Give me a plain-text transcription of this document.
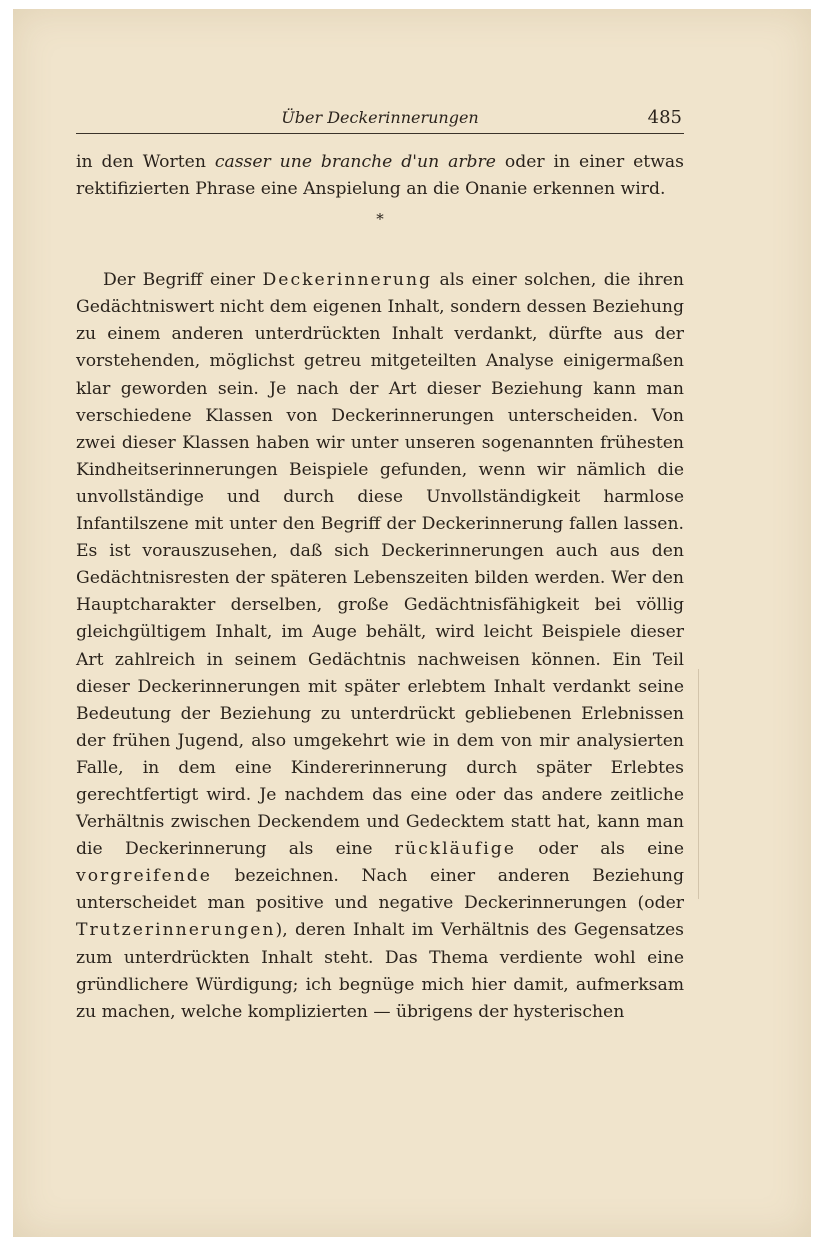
Über Deckerinnerungen	485

in den Worten casser une branche d'un arbre oder in einer etwas rektifizierten Phrase eine Anspielung an die Onanie erkennen wird.

*

Der Begriff einer Deckerinnerung als einer solchen, die ihren Gedächtniswert nicht dem eigenen Inhalt, sondern dessen Beziehung zu einem anderen unterdrückten Inhalt verdankt, dürfte aus der vorstehenden, möglichst getreu mitgeteilten Analyse einigermaßen klar geworden sein. Je nach der Art dieser Beziehung kann man verschiedene Klassen von Deckerinnerungen unterscheiden. Von zwei dieser Klassen haben wir unter unseren sogenannten frühesten Kindheitserinnerungen Beispiele gefunden, wenn wir nämlich die unvollständige und durch diese Unvollständigkeit harmlose Infantilszene mit unter den Begriff der Deckerinnerung fallen lassen. Es ist vorauszusehen, daß sich Deckerinnerungen auch aus den Gedächtnisresten der späteren Lebenszeiten bilden werden. Wer den Hauptcharakter derselben, große Gedächtnisfähigkeit bei völlig gleichgültigem Inhalt, im Auge behält, wird leicht Beispiele dieser Art zahlreich in seinem Gedächtnis nachweisen können. Ein Teil dieser Deckerinnerungen mit später erlebtem Inhalt verdankt seine Bedeutung der Beziehung zu unterdrückt gebliebenen Erlebnissen der frühen Jugend, also umgekehrt wie in dem von mir analysierten Falle, in dem eine Kindererinnerung durch später Erlebtes gerechtfertigt wird. Je nachdem das eine oder das andere zeitliche Verhältnis zwischen Deckendem und Gedecktem statt hat, kann man die Deckerinnerung als eine rückläufige oder als eine vorgreifende bezeichnen. Nach einer anderen Beziehung unterscheidet man positive und negative Deckerinnerungen (oder Trutzerinnerungen), deren Inhalt im Verhältnis des Gegensatzes zum unterdrückten Inhalt steht. Das Thema verdiente wohl eine gründlichere Würdigung; ich begnüge mich hier damit, aufmerksam zu machen, welche komplizierten — übrigens der hysterischen
